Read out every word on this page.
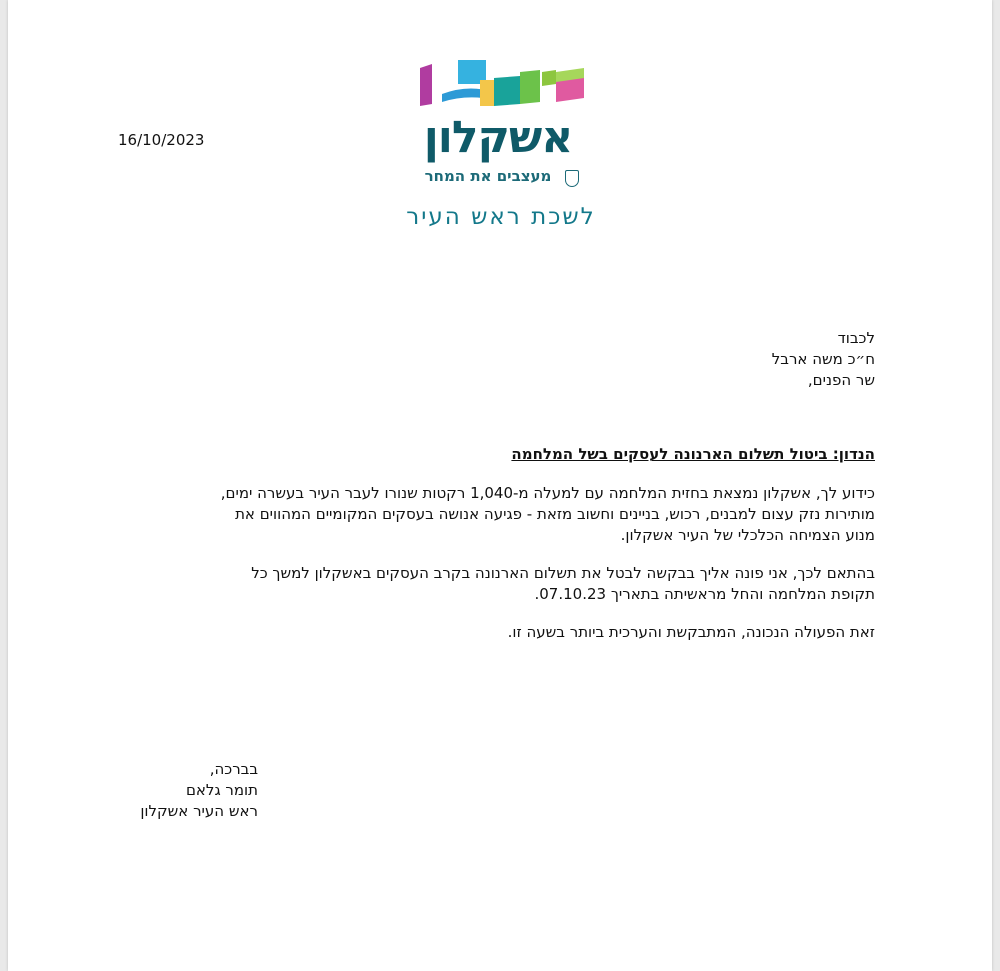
16/10/2023	אשקלון
מעצבים את המחר
לשכת ראש העיר
לכבוד
ח״כ משה ארבל
שר הפנים,
הנדון: ביטול תשלום הארנונה לעסקים בשל המלחמה
כידוע לך, אשקלון נמצאת בחזית המלחמה עם למעלה מ-1,040 רקטות שנורו לעבר העיר בעשרה ימים,
מותירות נזק עצום למבנים, רכוש, בניינים וחשוב מזאת - פגיעה אנושה בעסקים המקומיים המהווים את
מנוע הצמיחה הכלכלי של העיר אשקלון.
בהתאם לכך, אני פונה אליך בבקשה לבטל את תשלום הארנונה בקרב העסקים באשקלון למשך כל
תקופת המלחמה והחל מראשיתה בתאריך 07.10.23.
זאת הפעולה הנכונה, המתבקשת והערכית ביותר בשעה זו.
בברכה,
תומר גלאם
ראש העיר אשקלון
